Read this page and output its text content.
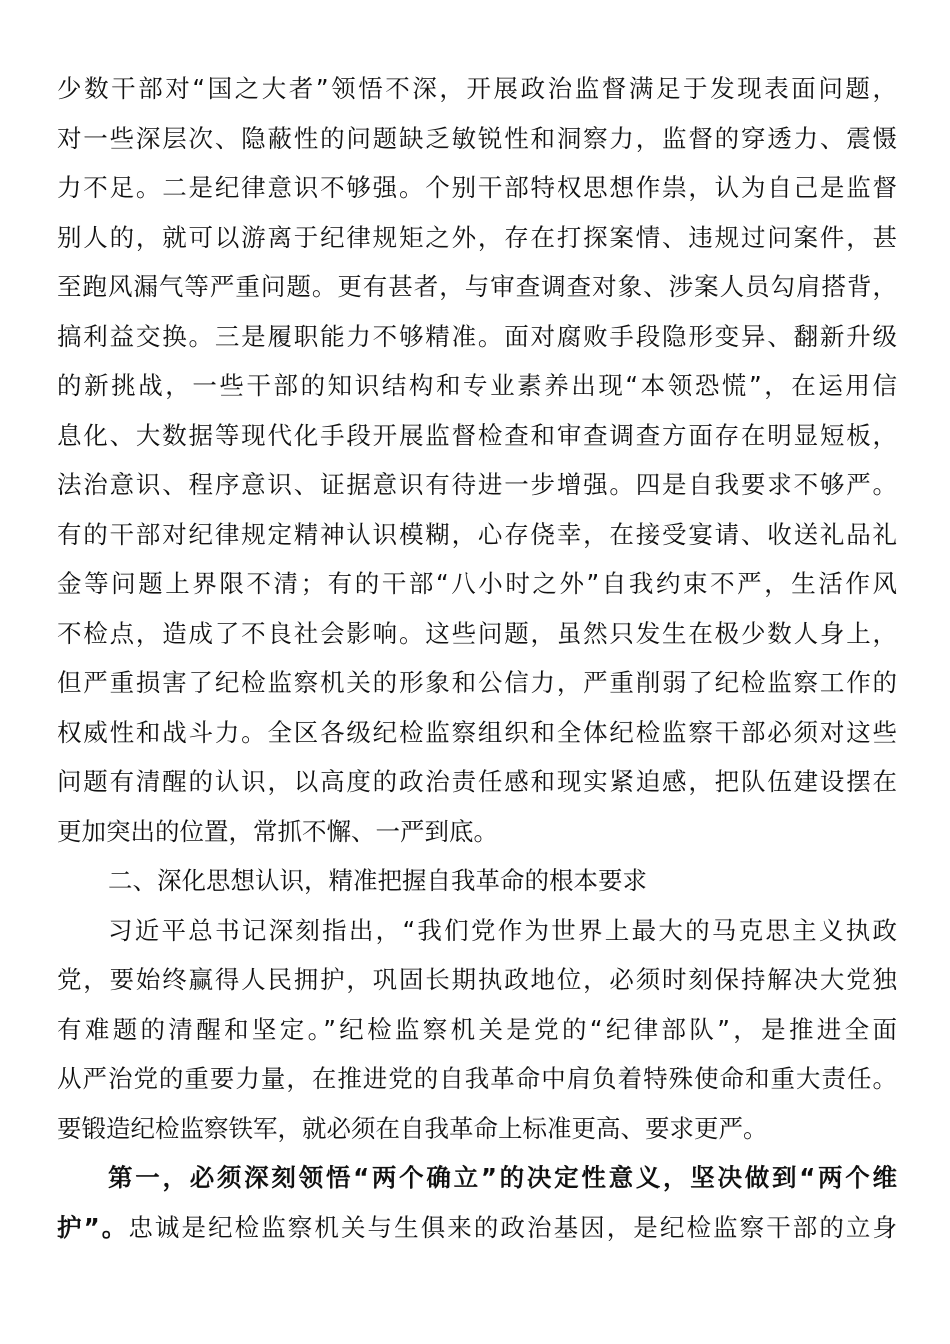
少数干部对“国之大者”领悟不深，开展政治监督满足于发现表面问题，
对一些深层次、隐蔽性的问题缺乏敏锐性和洞察力，监督的穿透力、震慑
力不足。二是纪律意识不够强。个别干部特权思想作祟，认为自己是监督
别人的，就可以游离于纪律规矩之外，存在打探案情、违规过问案件，甚
至跑风漏气等严重问题。更有甚者，与审查调查对象、涉案人员勾肩搭背，
搞利益交换。三是履职能力不够精准。面对腐败手段隐形变异、翻新升级
的新挑战，一些干部的知识结构和专业素养出现“本领恐慌”，在运用信
息化、大数据等现代化手段开展监督检查和审查调查方面存在明显短板，
法治意识、程序意识、证据意识有待进一步增强。四是自我要求不够严。
有的干部对纪律规定精神认识模糊，心存侥幸，在接受宴请、收送礼品礼
金等问题上界限不清；有的干部“八小时之外”自我约束不严，生活作风
不检点，造成了不良社会影响。这些问题，虽然只发生在极少数人身上，
但严重损害了纪检监察机关的形象和公信力，严重削弱了纪检监察工作的
权威性和战斗力。全区各级纪检监察组织和全体纪检监察干部必须对这些
问题有清醒的认识，以高度的政治责任感和现实紧迫感，把队伍建设摆在
更加突出的位置，常抓不懈、一严到底。
二、深化思想认识，精准把握自我革命的根本要求
习近平总书记深刻指出，“我们党作为世界上最大的马克思主义执政
党，要始终赢得人民拥护，巩固长期执政地位，必须时刻保持解决大党独
有难题的清醒和坚定。”纪检监察机关是党的“纪律部队”，是推进全面
从严治党的重要力量，在推进党的自我革命中肩负着特殊使命和重大责任。
要锻造纪检监察铁军，就必须在自我革命上标准更高、要求更严。
第一，必须深刻领悟“两个确立”的决定性意义，坚决做到“两个维
护”。忠诚是纪检监察机关与生俱来的政治基因，是纪检监察干部的立身
